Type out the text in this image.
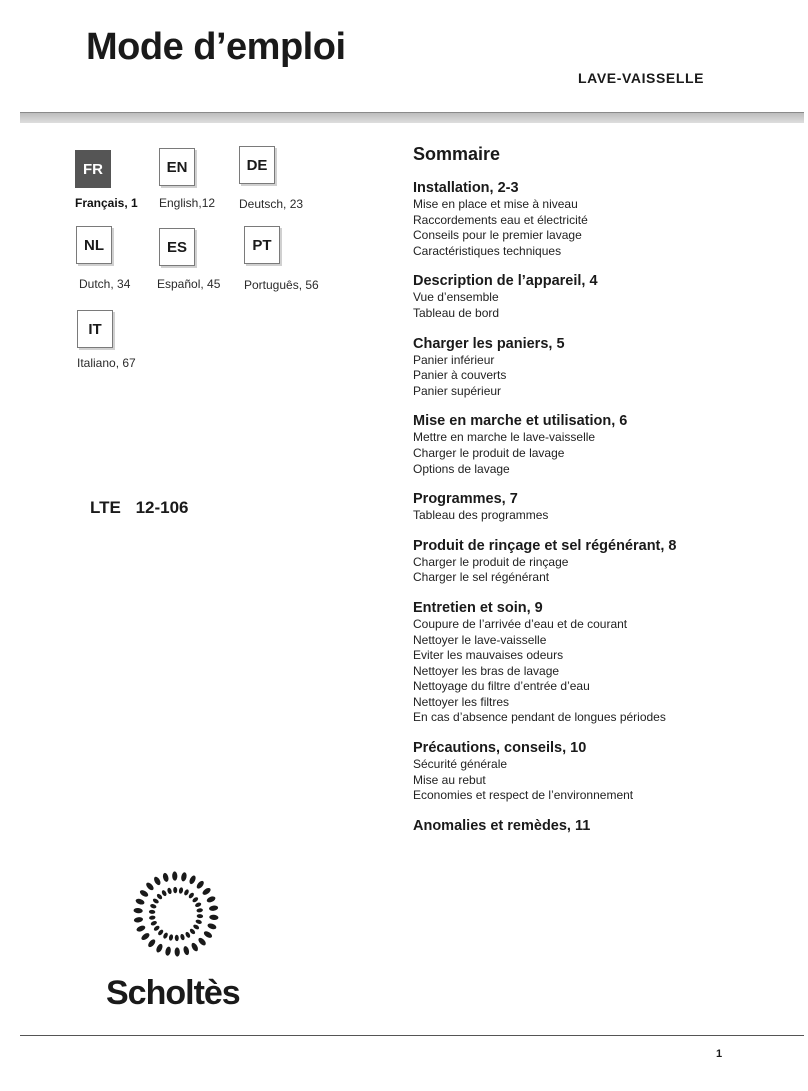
Mode d’emploi
LAVE-VAISSELLE
FR
Français, 1
EN
English,12
DE
Deutsch, 23
NL
Dutch, 34
ES
Español, 45
PT
Português, 56
IT
Italiano, 67
LTE 12-106
Sommaire
Installation, 2-3
Mise en place et mise à niveau
Raccordements eau et électricité
Conseils pour le premier lavage
Caractéristiques techniques
Description de l’appareil, 4
Vue d’ensemble
Tableau de bord
Charger les paniers, 5
Panier inférieur
Panier à couverts
Panier supérieur
Mise en marche et utilisation, 6
Mettre en marche le lave-vaisselle
Charger le produit de lavage
Options de lavage
Programmes, 7
Tableau des programmes
Produit de rinçage et sel régénérant, 8
Charger le produit de rinçage
Charger le sel régénérant
Entretien et soin, 9
Coupure de l’arrivée d’eau et de courant
Nettoyer le lave-vaisselle
Eviter les mauvaises odeurs
Nettoyer les bras de lavage
Nettoyage du filtre d’entrée d’eau
Nettoyer les filtres
En cas d’absence pendant de longues périodes
Précautions, conseils, 10
Sécurité générale
Mise au rebut
Economies et respect de l’environnement
Anomalies et remèdes, 11
Scholtès
1
